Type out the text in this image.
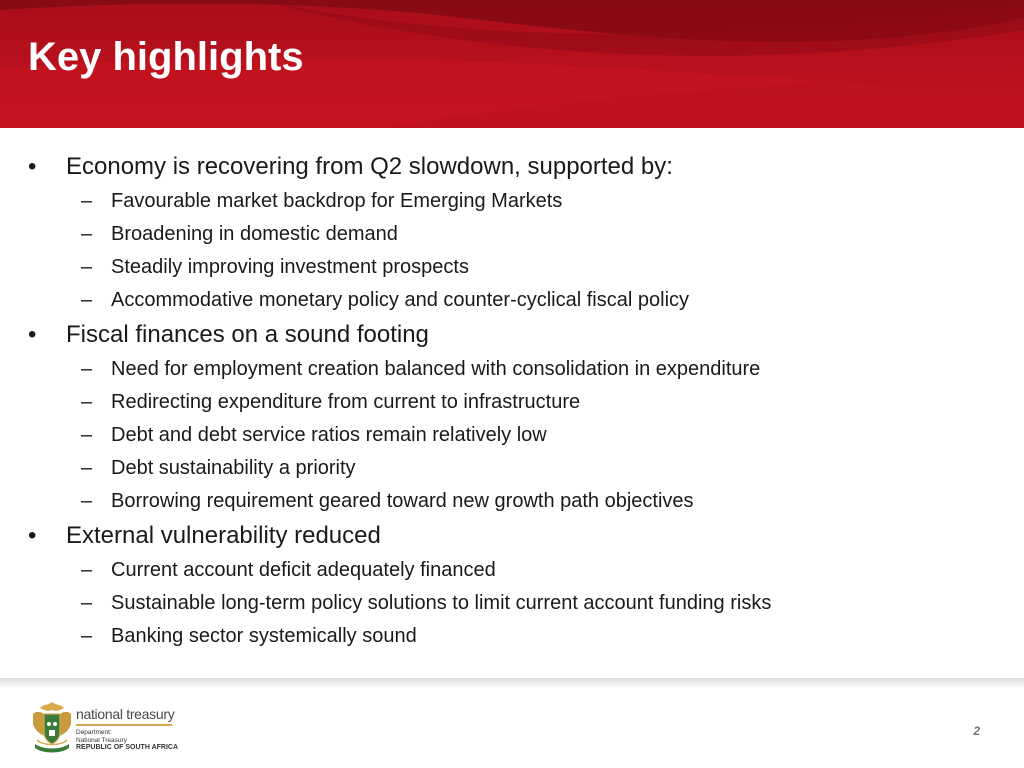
Key highlights
• Economy is recovering from Q2 slowdown, supported by:
– Favourable market backdrop for Emerging Markets
– Broadening in domestic demand
– Steadily improving investment prospects
– Accommodative monetary policy and counter-cyclical fiscal policy
• Fiscal finances on a sound footing
– Need for employment creation balanced with consolidation in expenditure
– Redirecting expenditure from current to infrastructure
– Debt and debt service ratios remain relatively low
– Debt sustainability a priority
– Borrowing requirement geared toward new growth path objectives
• External vulnerability reduced
– Current account deficit adequately financed
– Sustainable long-term policy solutions to limit current account funding risks
– Banking sector systemically sound
national treasury
Department:
National Treasury
REPUBLIC OF SOUTH AFRICA
2
